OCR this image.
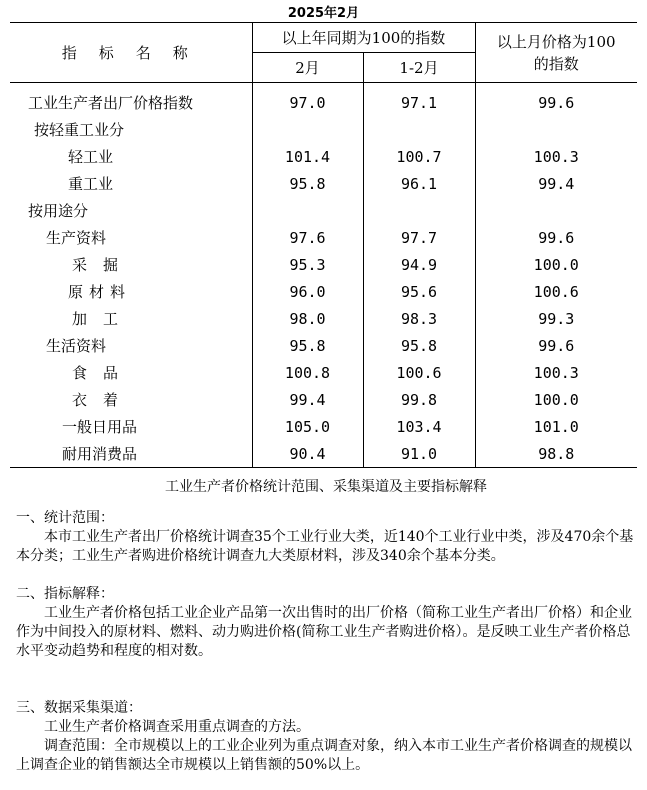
2025年2月
指标名称	以上年同期为100的指数		以上月价格为100
的指数
	2月	1-2月	
工业生产者出厂价格指数	97.0	97.1	99.6
按轻重工业分			
轻工业	101.4	100.7	100.3
重工业	95.8	96.1	99.4
按用途分			
生产资料	97.6	97.7	99.6
采掘	95.3	94.9	100.0
原材料	96.0	95.6	100.6
加工	98.0	98.3	99.3
生活资料	95.8	95.8	99.6
食品	100.8	100.6	100.3
衣着	99.4	99.8	100.0
一般日用品	105.0	103.4	101.0
耐用消费品	90.4	91.0	98.8
工业生产者价格统计范围、采集渠道及主要指标解释

一、统计范围：

本市工业生产者出厂价格统计调查35个工业行业大类，近140个工业行业中类，涉及470余个基本分类；工业生产者购进价格统计调查九大类原材料，涉及340余个基本分类。

二、指标解释：

工业生产者价格包括工业企业产品第一次出售时的出厂价格（简称工业生产者出厂价格）和企业作为中间投入的原材料、燃料、动力购进价格(简称工业生产者购进价格）。是反映工业生产者价格总水平变动趋势和程度的相对数。

三、数据采集渠道：

工业生产者价格调查采用重点调查的方法。

调查范围：全市规模以上的工业企业列为重点调查对象，纳入本市工业生产者价格调查的规模以上调查企业的销售额达全市规模以上销售额的50%以上。
